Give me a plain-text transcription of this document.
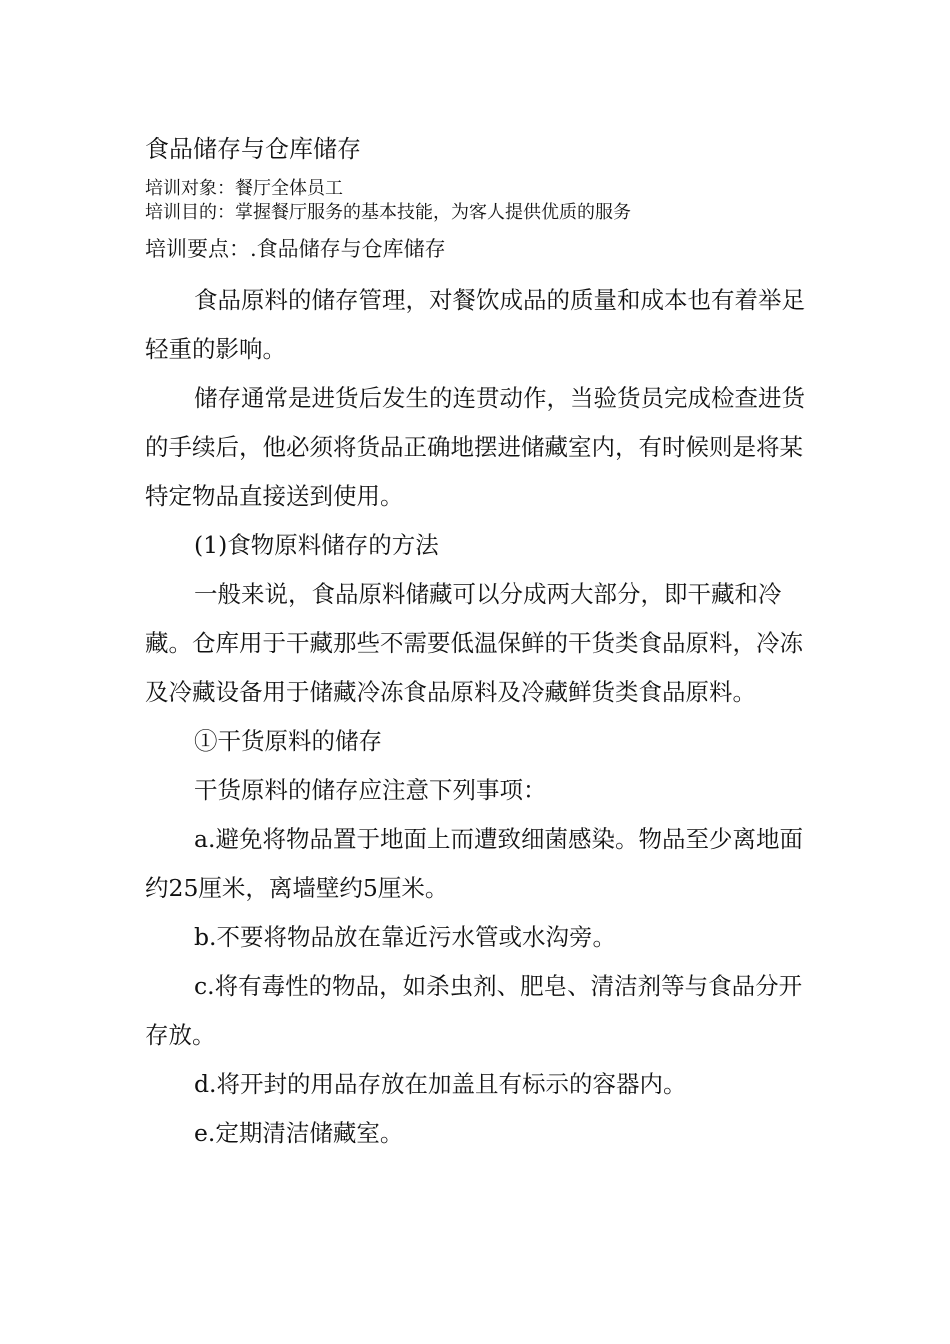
食品储存与仓库储存
培训对象：餐厅全体员工
培训目的：掌握餐厅服务的基本技能，为客人提供优质的服务
培训要点：.食品储存与仓库储存

食品原料的储存管理，对餐饮成品的质量和成本也有着举足轻重的影响。

储存通常是进货后发生的连贯动作，当验货员完成检查进货的手续后，他必须将货品正确地摆进储藏室内，有时候则是将某特定物品直接送到使用。

(1)食物原料储存的方法

一般来说，食品原料储藏可以分成两大部分，即干藏和冷藏。仓库用于干藏那些不需要低温保鲜的干货类食品原料，冷冻及冷藏设备用于储藏冷冻食品原料及冷藏鲜货类食品原料。

①干货原料的储存

干货原料的储存应注意下列事项：

a.避免将物品置于地面上而遭致细菌感染。物品至少离地面约25厘米，离墙壁约5厘米。

b.不要将物品放在靠近污水管或水沟旁。

c.将有毒性的物品，如杀虫剂、肥皂、清洁剂等与食品分开存放。

d.将开封的用品存放在加盖且有标示的容器内。

e.定期清洁储藏室。
